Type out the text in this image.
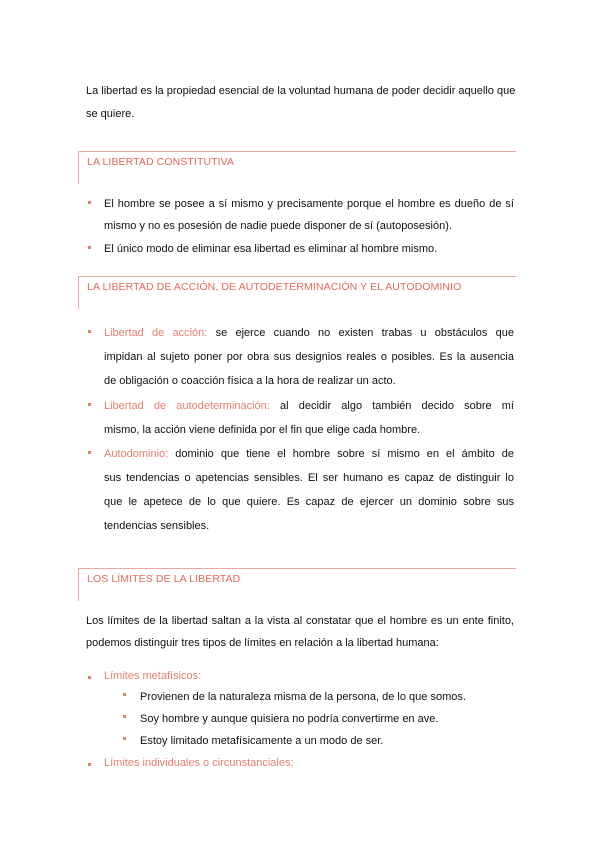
La libertad es la propiedad esencial de la voluntad humana de poder decidir aquello que
se quiere.
LA LIBERTAD CONSTITUTIVA
El hombre se posee a sí mismo y precisamente porque el hombre es dueño de sí
mismo y no es posesión de nadie puede disponer de sí (autoposesión).
El único modo de eliminar esa libertad es eliminar al hombre mismo.
LA LIBERTAD DE ACCIÓN, DE AUTODETERMINACIÓN Y EL AUTODOMINIO
Libertad de acción: se ejerce cuando no existen trabas u obstáculos que
impidan al sujeto poner por obra sus designios reales o posibles. Es la ausencia
de obligación o coacción física a la hora de realizar un acto.
Libertad de autodeterminación: al decidir algo también decido sobre mí
mismo, la acción viene definida por el fin que elige cada hombre.
Autodominio: dominio que tiene el hombre sobre sí mismo en el ámbito de
sus tendencias o apetencias sensibles. El ser humano es capaz de distinguir lo
que le apetece de lo que quiere. Es capaz de ejercer un dominio sobre sus
tendencias sensibles.
LOS LÍMITES DE LA LIBERTAD
Los límites de la libertad saltan a la vista al constatar que el hombre es un ente finito,
podemos distinguir tres tipos de límites en relación a la libertad humana:
Límites metafísicos:
Provienen de la naturaleza misma de la persona, de lo que somos.
Soy hombre y aunque quisiera no podría convertirme en ave.
Estoy limitado metafísicamente a un modo de ser.
Límites individuales o circunstanciales:
